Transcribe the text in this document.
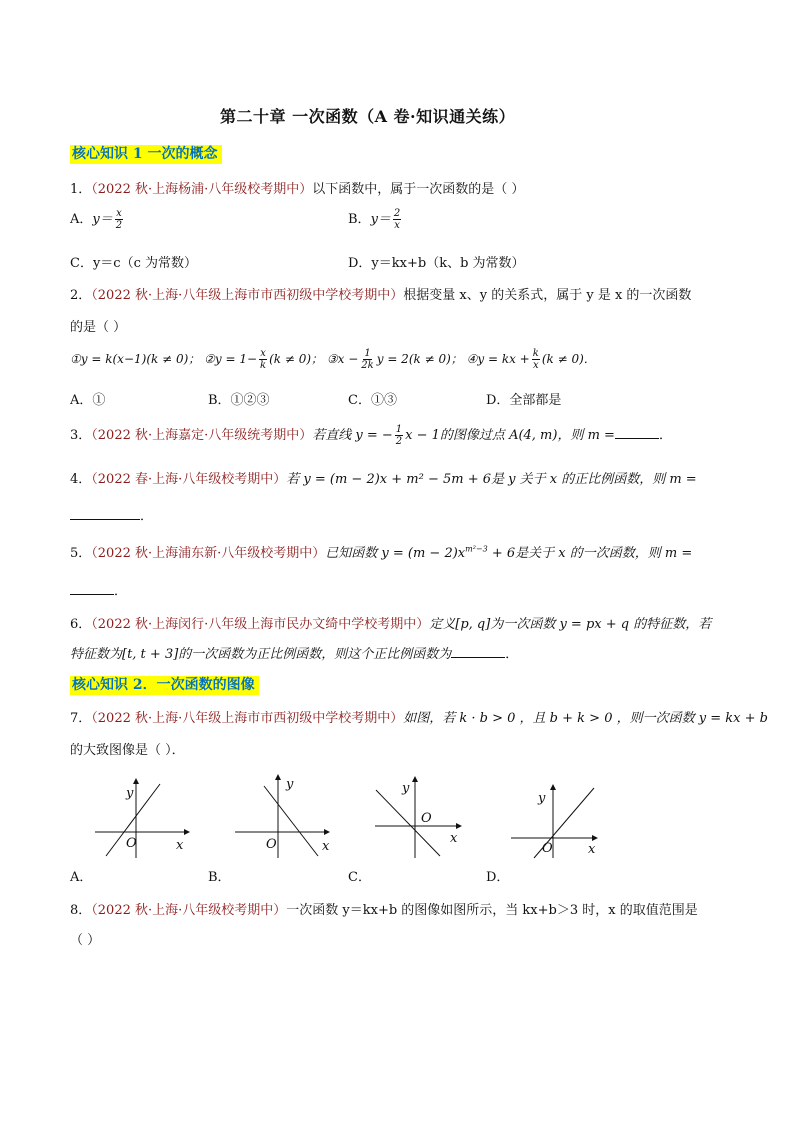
第二十章 一次函数（A 卷·知识通关练）
核心知识 1 一次的概念
1．（2022 秋·上海杨浦·八年级校考期中）以下函数中，属于一次函数的是（ ）
A．$y= \frac{x}{2}$	B．$y= \frac{2}{x}$
C．y＝c（c 为常数）	D．y＝kx+b（k、b 为常数）
2．（2022 秋·上海·八年级上海市市西初级中学校考期中）根据变量 x、y 的关系式，属于 y 是 x 的一次函数
的是（ ）
①y = k(x−1)(k ≠ 0)； ②y = $1- \frac{x}{k} (k \ne 0)$； ③x − $\frac{1}{2k}$ y = 2(k ≠ 0)； ④y = kx + $\frac{k}{x} (k \ne 0)$．
A．①	B．①②③	C．①③	D．全部都是
3．（2022 秋·上海嘉定·八年级统考期中）若直线 y = − $\frac{1}{2}$ x − 1的图像过点 A(4, m)，则 m =	．
4．（2022 春·上海·八年级校考期中）若 y = (m − 2)x + m² − 5m + 6是 y 关于 x 的正比例函数，则 m =
．
5．（2022 秋·上海浦东新·八年级校考期中）已知函数 $y = (m - 2)x^{m^2-3} + 6$是关于 x 的一次函数，则 m =
．
6．（2022 秋·上海闵行·八年级上海市民办文绮中学校考期中）定义[p, q]为一次函数 y = px + q 的特征数，若
特征数为[t, t + 3]的一次函数为正比例函数，则这个正比例函数为	．
核心知识 2．一次函数的图像
7．（2022 秋·上海·八年级上海市市西初级中学校考期中）如图，若 k · b > 0 ，且 b + k > 0 ，则一次函数 y = kx + b
的大致图像是（ ）．
y
x
O
A．
y
x
O
B．
y
x
O
C．
y
x
O
D．
8．（2022 秋·上海·八年级校考期中）一次函数 y＝kx+b 的图像如图所示，当 kx+b＞3 时，x 的取值范围是
（ ）
